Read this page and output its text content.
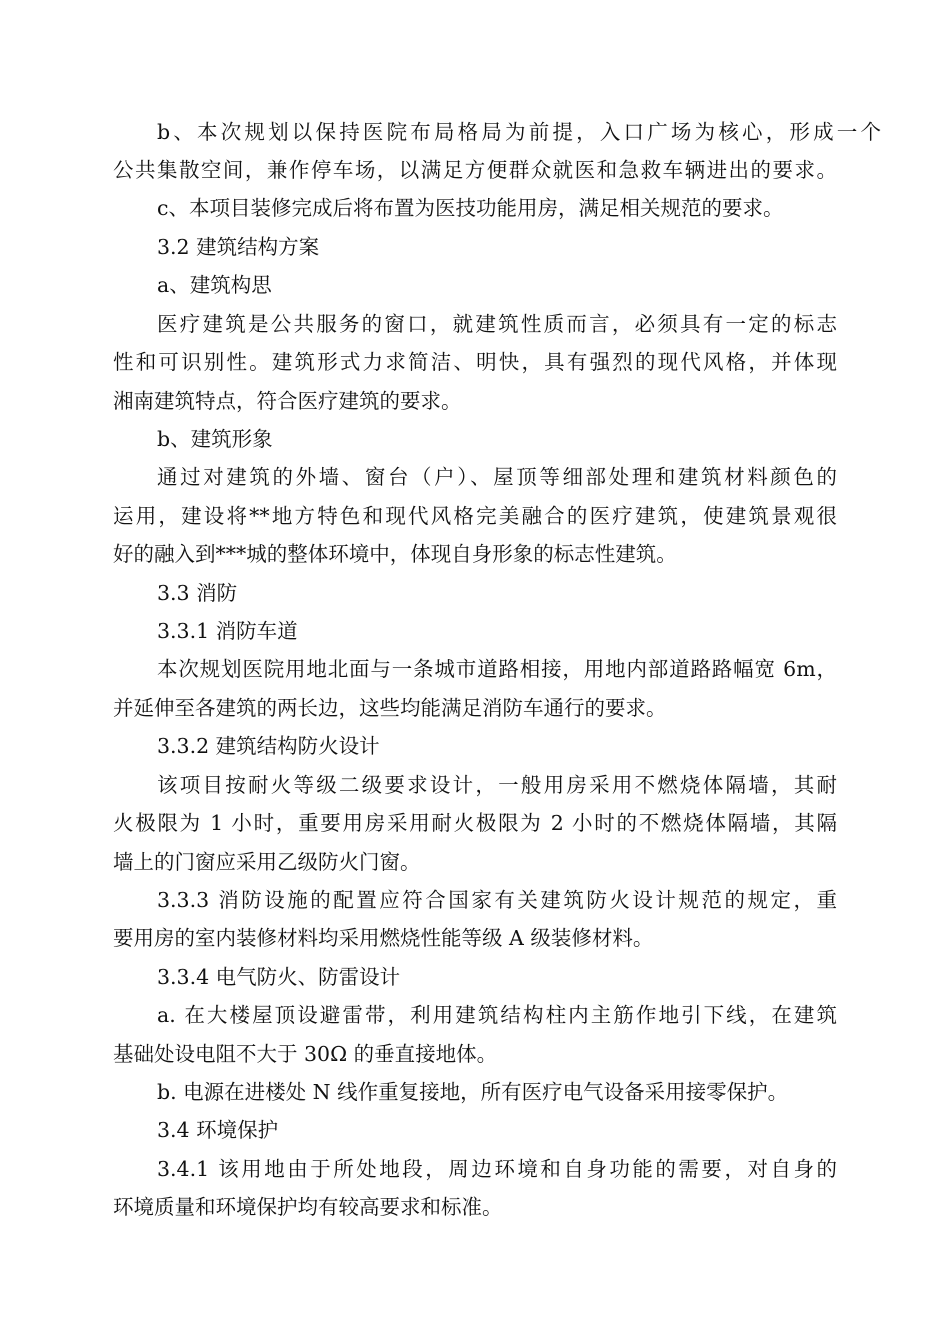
b、本次规划以保持医院布局格局为前提，入口广场为核心，形成一个
公共集散空间，兼作停车场，以满足方便群众就医和急救车辆进出的要求。
c、本项目装修完成后将布置为医技功能用房，满足相关规范的要求。
3.2 建筑结构方案
a、建筑构思
医疗建筑是公共服务的窗口，就建筑性质而言，必须具有一定的标志
性和可识别性。建筑形式力求简洁、明快，具有强烈的现代风格，并体现
湘南建筑特点，符合医疗建筑的要求。
b、建筑形象
通过对建筑的外墙、窗台（户）、屋顶等细部处理和建筑材料颜色的
运用，建设将**地方特色和现代风格完美融合的医疗建筑，使建筑景观很
好的融入到***城的整体环境中，体现自身形象的标志性建筑。
3.3 消防
3.3.1 消防车道
本次规划医院用地北面与一条城市道路相接，用地内部道路路幅宽 6m，
并延伸至各建筑的两长边，这些均能满足消防车通行的要求。
3.3.2 建筑结构防火设计
该项目按耐火等级二级要求设计，一般用房采用不燃烧体隔墙，其耐
火极限为 1 小时，重要用房采用耐火极限为 2 小时的不燃烧体隔墙，其隔
墙上的门窗应采用乙级防火门窗。
3.3.3 消防设施的配置应符合国家有关建筑防火设计规范的规定，重
要用房的室内装修材料均采用燃烧性能等级 A 级装修材料。
3.3.4 电气防火、防雷设计
a. 在大楼屋顶设避雷带，利用建筑结构柱内主筋作地引下线，在建筑
基础处设电阻不大于 30Ω 的垂直接地体。
b. 电源在进楼处 N 线作重复接地，所有医疗电气设备采用接零保护。
3.4 环境保护
3.4.1 该用地由于所处地段，周边环境和自身功能的需要，对自身的
环境质量和环境保护均有较高要求和标准。
